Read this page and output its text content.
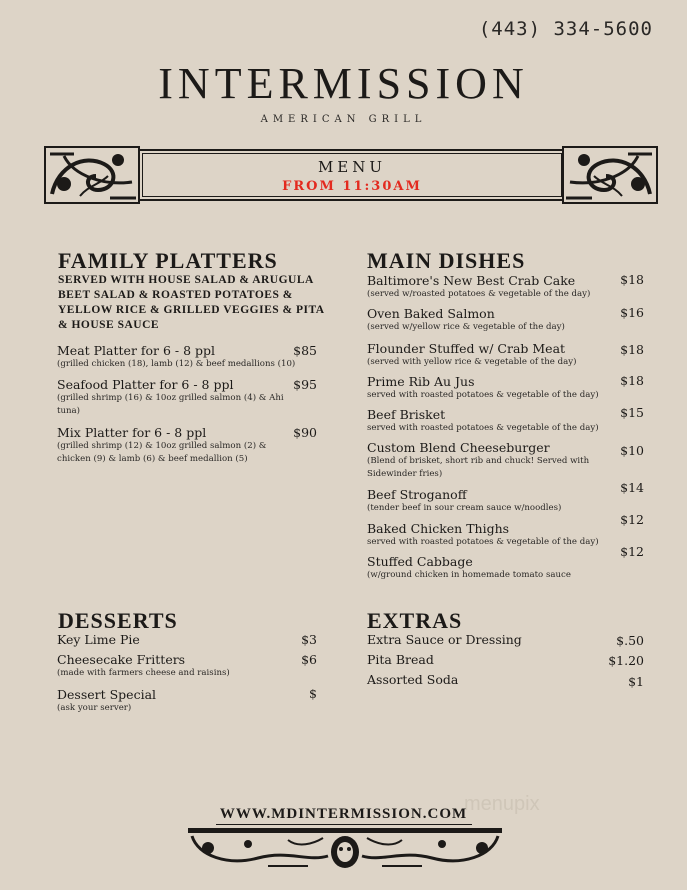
(443) 334-5600
INTERMISSION
AMERICAN GRILL
MENU
FROM 11:30AM
FAMILY PLATTERS
SERVED WITH HOUSE SALAD & ARUGULA BEET SALAD & ROASTED POTATOES & YELLOW RICE & GRILLED VEGGIES & PITA & HOUSE SAUCE
Meat Platter for 6 - 8 ppl
(grilled chicken (18), lamb (12) & beef medallions (10)
$85
Seafood Platter for 6 - 8 ppl
(grilled shrimp (16) & 10oz grilled salmon (4) & Ahi tuna)
$95
Mix Platter for 6 - 8 ppl
(grilled shrimp (12) & 10oz grilled salmon (2) & chicken (9) & lamb (6) & beef medallion (5)
$90
MAIN DISHES
Baltimore's New Best Crab Cake
(served w/roasted potatoes & vegetable of the day)
$18
Oven Baked Salmon
(served w/yellow rice & vegetable of the day)
$16
Flounder Stuffed w/ Crab Meat
(served with yellow rice & vegetable of the day)
$18
Prime Rib Au Jus
served with roasted potatoes & vegetable of the day)
$18
Beef Brisket
served with roasted potatoes & vegetable of the day)
$15
Custom Blend Cheeseburger
(Blend of brisket, short rib and chuck! Served with Sidewinder fries)
$10
Beef Stroganoff
(tender beef in sour cream sauce w/noodles)
$14
Baked Chicken Thighs
served with roasted potatoes & vegetable of the day)
$12
Stuffed Cabbage
(w/ground chicken in homemade tomato sauce
$12
DESSERTS
Key Lime Pie	$3
Cheesecake Fritters
(made with farmers cheese and raisins)
$6
Dessert Special
(ask your server)
$
EXTRAS
Extra Sauce or Dressing	$.50
Pita Bread	$1.20
Assorted Soda	$1
menupix
WWW.MDINTERMISSION.COM
